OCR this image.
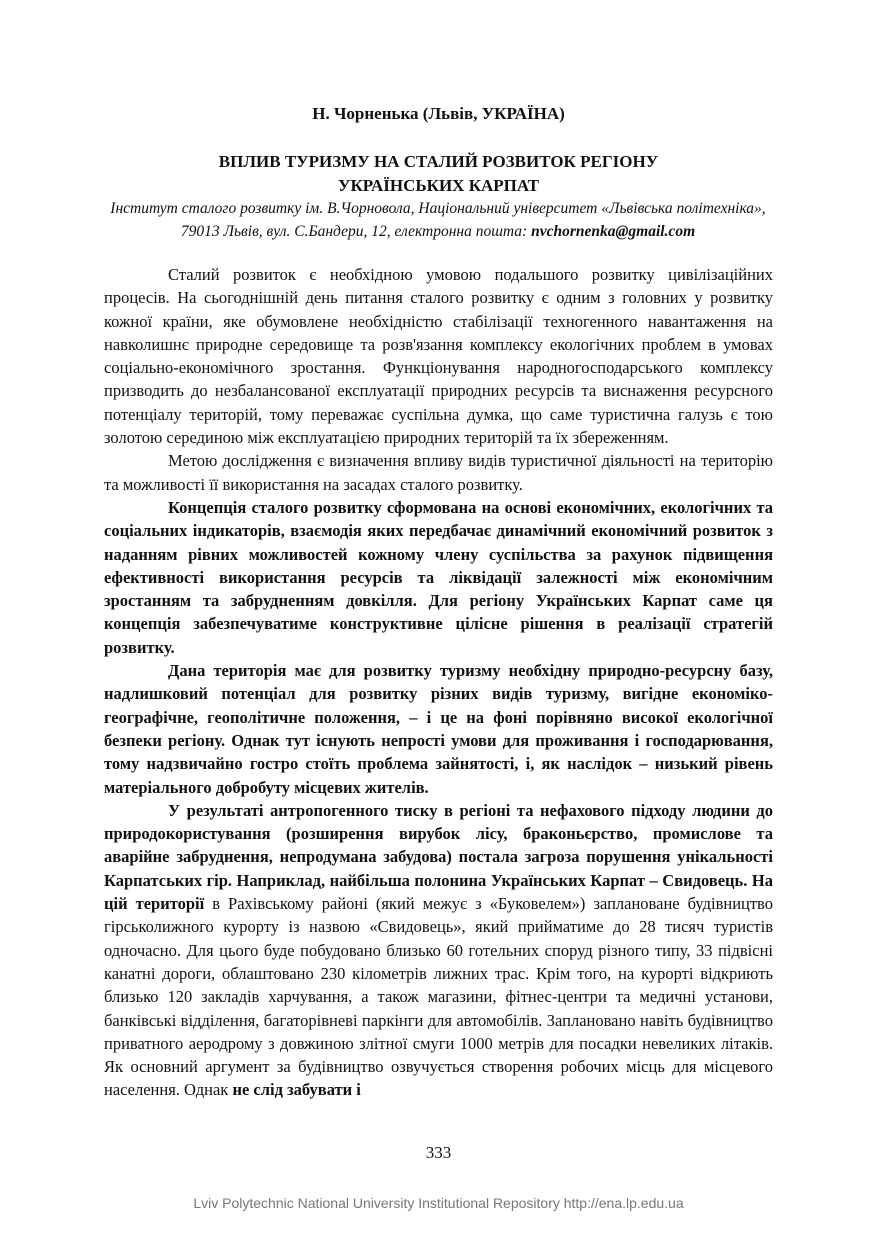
Н. Чорненька (Львів, УКРАЇНА)
ВПЛИВ ТУРИЗМУ НА СТАЛИЙ РОЗВИТОК РЕГІОНУ
УКРАЇНСЬКИХ КАРПАТ
Інститут сталого розвитку ім. В.Чорновола, Національний університет «Львівська політехніка», 79013 Львів, вул. С.Бандери, 12, електронна пошта: nvchornenka@gmail.com

Сталий розвиток є необхідною умовою подальшого розвитку цивілізаційних процесів. На сьогоднішній день питання сталого розвитку є одним з головних у розвитку кожної країни, яке обумовлене необхідністю стабілізації техногенного навантаження на навколишнє природне середовище та розв'язання комплексу екологічних проблем в умовах соціально-економічного зростання. Функціонування народногосподарського комплексу призводить до незбалансованої експлуатації природних ресурсів та виснаження ресурсного потенціалу територій, тому переважає суспільна думка, що саме туристична галузь є тою золотою серединою між експлуатацією природних територій та їх збереженням.

Метою дослідження є визначення впливу видів туристичної діяльності на територію та можливості її використання на засадах сталого розвитку.

Концепція сталого розвитку сформована на основі економічних, екологічних та соціальних індикаторів, взаємодія яких передбачає динамічний економічний розвиток з наданням рівних можливостей кожному члену суспільства за рахунок підвищення ефективності використання ресурсів та ліквідації залежності між економічним зростанням та забрудненням довкілля. Для регіону Українських Карпат саме ця концепція забезпечуватиме конструктивне цілісне рішення в реалізації стратегій розвитку.

Дана територія має для розвитку туризму необхідну природно-ресурсну базу, надлишковий потенціал для розвитку різних видів туризму, вигідне економіко-географічне, геополітичне положення, – і це на фоні порівняно високої екологічної безпеки регіону. Однак тут існують непрості умови для проживання і господарювання, тому надзвичайно гостро стоїть проблема зайнятості, і, як наслідок – низький рівень матеріального добробуту місцевих жителів.

У результаті антропогенного тиску в регіоні та нефахового підходу людини до природокористування (розширення вирубок лісу, браконьєрство, промислове та аварійне забруднення, непродумана забудова) постала загроза порушення унікальності Карпатських гір. Наприклад, найбільша полонина Українських Карпат – Свидовець. На цій території в Рахівському районі (який межує з «Буковелем») заплановане будівництво гірськолижного курорту із назвою «Свидовець», який прийматиме до 28 тисяч туристів одночасно. Для цього буде побудовано близько 60 готельних споруд різного типу, 33 підвісні канатні дороги, облаштовано 230 кілометрів лижних трас. Крім того, на курорті відкриють близько 120 закладів харчування, а також магазини, фітнес-центри та медичні установи, банківські відділення, багаторівневі паркінги для автомобілів. Заплановано навіть будівництво приватного аеродрому з довжиною злітної смуги 1000 метрів для посадки невеликих літаків. Як основний аргумент за будівництво озвучується створення робочих місць для місцевого населення. Однак не слід забувати і

333
Lviv Polytechnic National University Institutional Repository http://ena.lp.edu.ua
